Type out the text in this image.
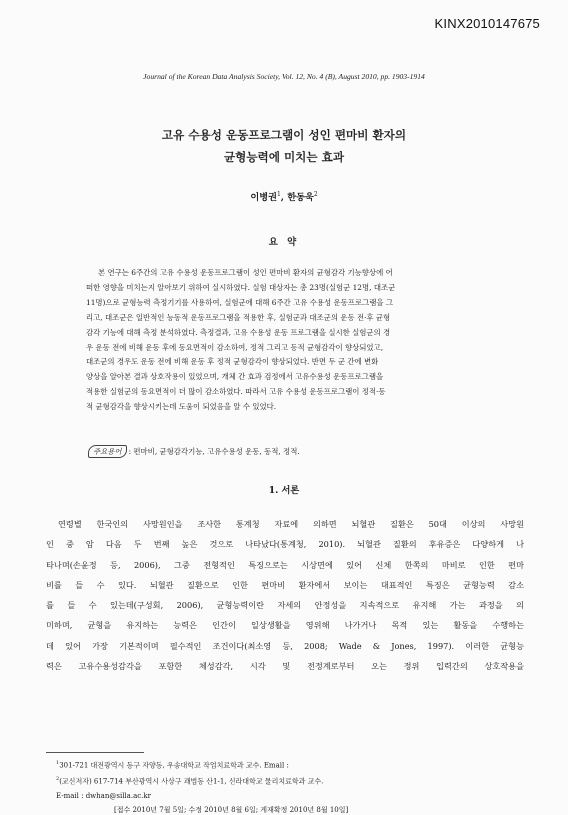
KINX2010147675
Journal of the Korean Data Analysis Society, Vol. 12, No. 4 (B), August 2010, pp. 1903-1914
고유 수용성 운동프로그램이 성인 편마비 환자의
균형능력에 미치는 효과
이병권$^1$, 한동욱$^2$
요 약
본 연구는 6주간의 고유 수용성 운동프로그램이 성인 편마비 환자의 균형감각 기능향상에 어
떠한 영향을 미치는지 알아보기 위하여 실시하였다. 실험 대상자는 총 23명(실험군 12명, 대조군
11명)으로 균형능력 측정기기를 사용하여, 실험군에 대해 6주간 고유 수용성 운동프로그램을 그
리고, 대조군은 일반적인 능동적 운동프로그램을 적용한 후, 실험군과 대조군의 운동 전·후 균형
감각 기능에 대해 측정 분석하였다. 측정결과, 고유 수용성 운동 프로그램을 실시한 실험군의 경
우 운동 전에 비해 운동 후에 동요면적이 감소하여, 정적 그리고 동적 균형감각이 향상되었고,
대조군의 경우도 운동 전에 비해 운동 후 정적 균형감각이 향상되었다. 반면 두 군 간에 변화
양상을 알아본 결과 상호작용이 있었으며, 개체 간 효과 검정에서 고유수용성 운동프로그램을
적용한 실험군의 동요면적이 더 많이 감소하였다. 따라서 고유 수용성 운동프로그램이 정적·동
적 균형감각을 향상시키는데 도움이 되었음을 알 수 있었다.
주요용어 : 편마비, 균형감각기능, 고유수용성 운동, 동적, 정적.
1. 서론
연령별 한국인의 사망원인을 조사한 통계청 자료에 의하면 뇌혈관 질환은 50대 이상의 사망원
인 중 암 다음 두 번째 높은 것으로 나타났다(통계청, 2010). 뇌혈관 질환의 후유증은 다양하게 나
타나며(손윤정 등, 2006), 그중 전형적인 특징으로는 시상면에 있어 신체 한쪽의 마비로 인한 편마
비를 들 수 있다. 뇌혈관 질환으로 인한 편마비 환자에서 보이는 대표적인 특징은 균형능력 감소
를 들 수 있는데(구성회, 2006), 균형능력이란 자세의 안정성을 지속적으로 유지해 가는 과정을 의
미하며, 균형을 유지하는 능력은 인간이 일상생활을 영위해 나가거나 목적 있는 활동을 수행하는
데 있어 가장 기본적이며 필수적인 조건이다(최소영 등, 2008; Wade & Jones, 1997). 이러한 균형능
력은 고유수용성감각을 포함한 체성감각, 시각 및 전정계로부터 오는 정위 입력간의 상호작용을
$^1$301-721 대전광역시 동구 자양동, 우송대학교 작업치료학과 교수. Email :
$^2$(교신저자) 617-714 부산광역시 사상구 괘법동 산1-1, 신라대학교 물리치료학과 교수.
E-mail : dwhan@silla.ac.kr
[접수 2010년 7월 5일; 수정 2010년 8월 6일; 게재확정 2010년 8월 10일]
